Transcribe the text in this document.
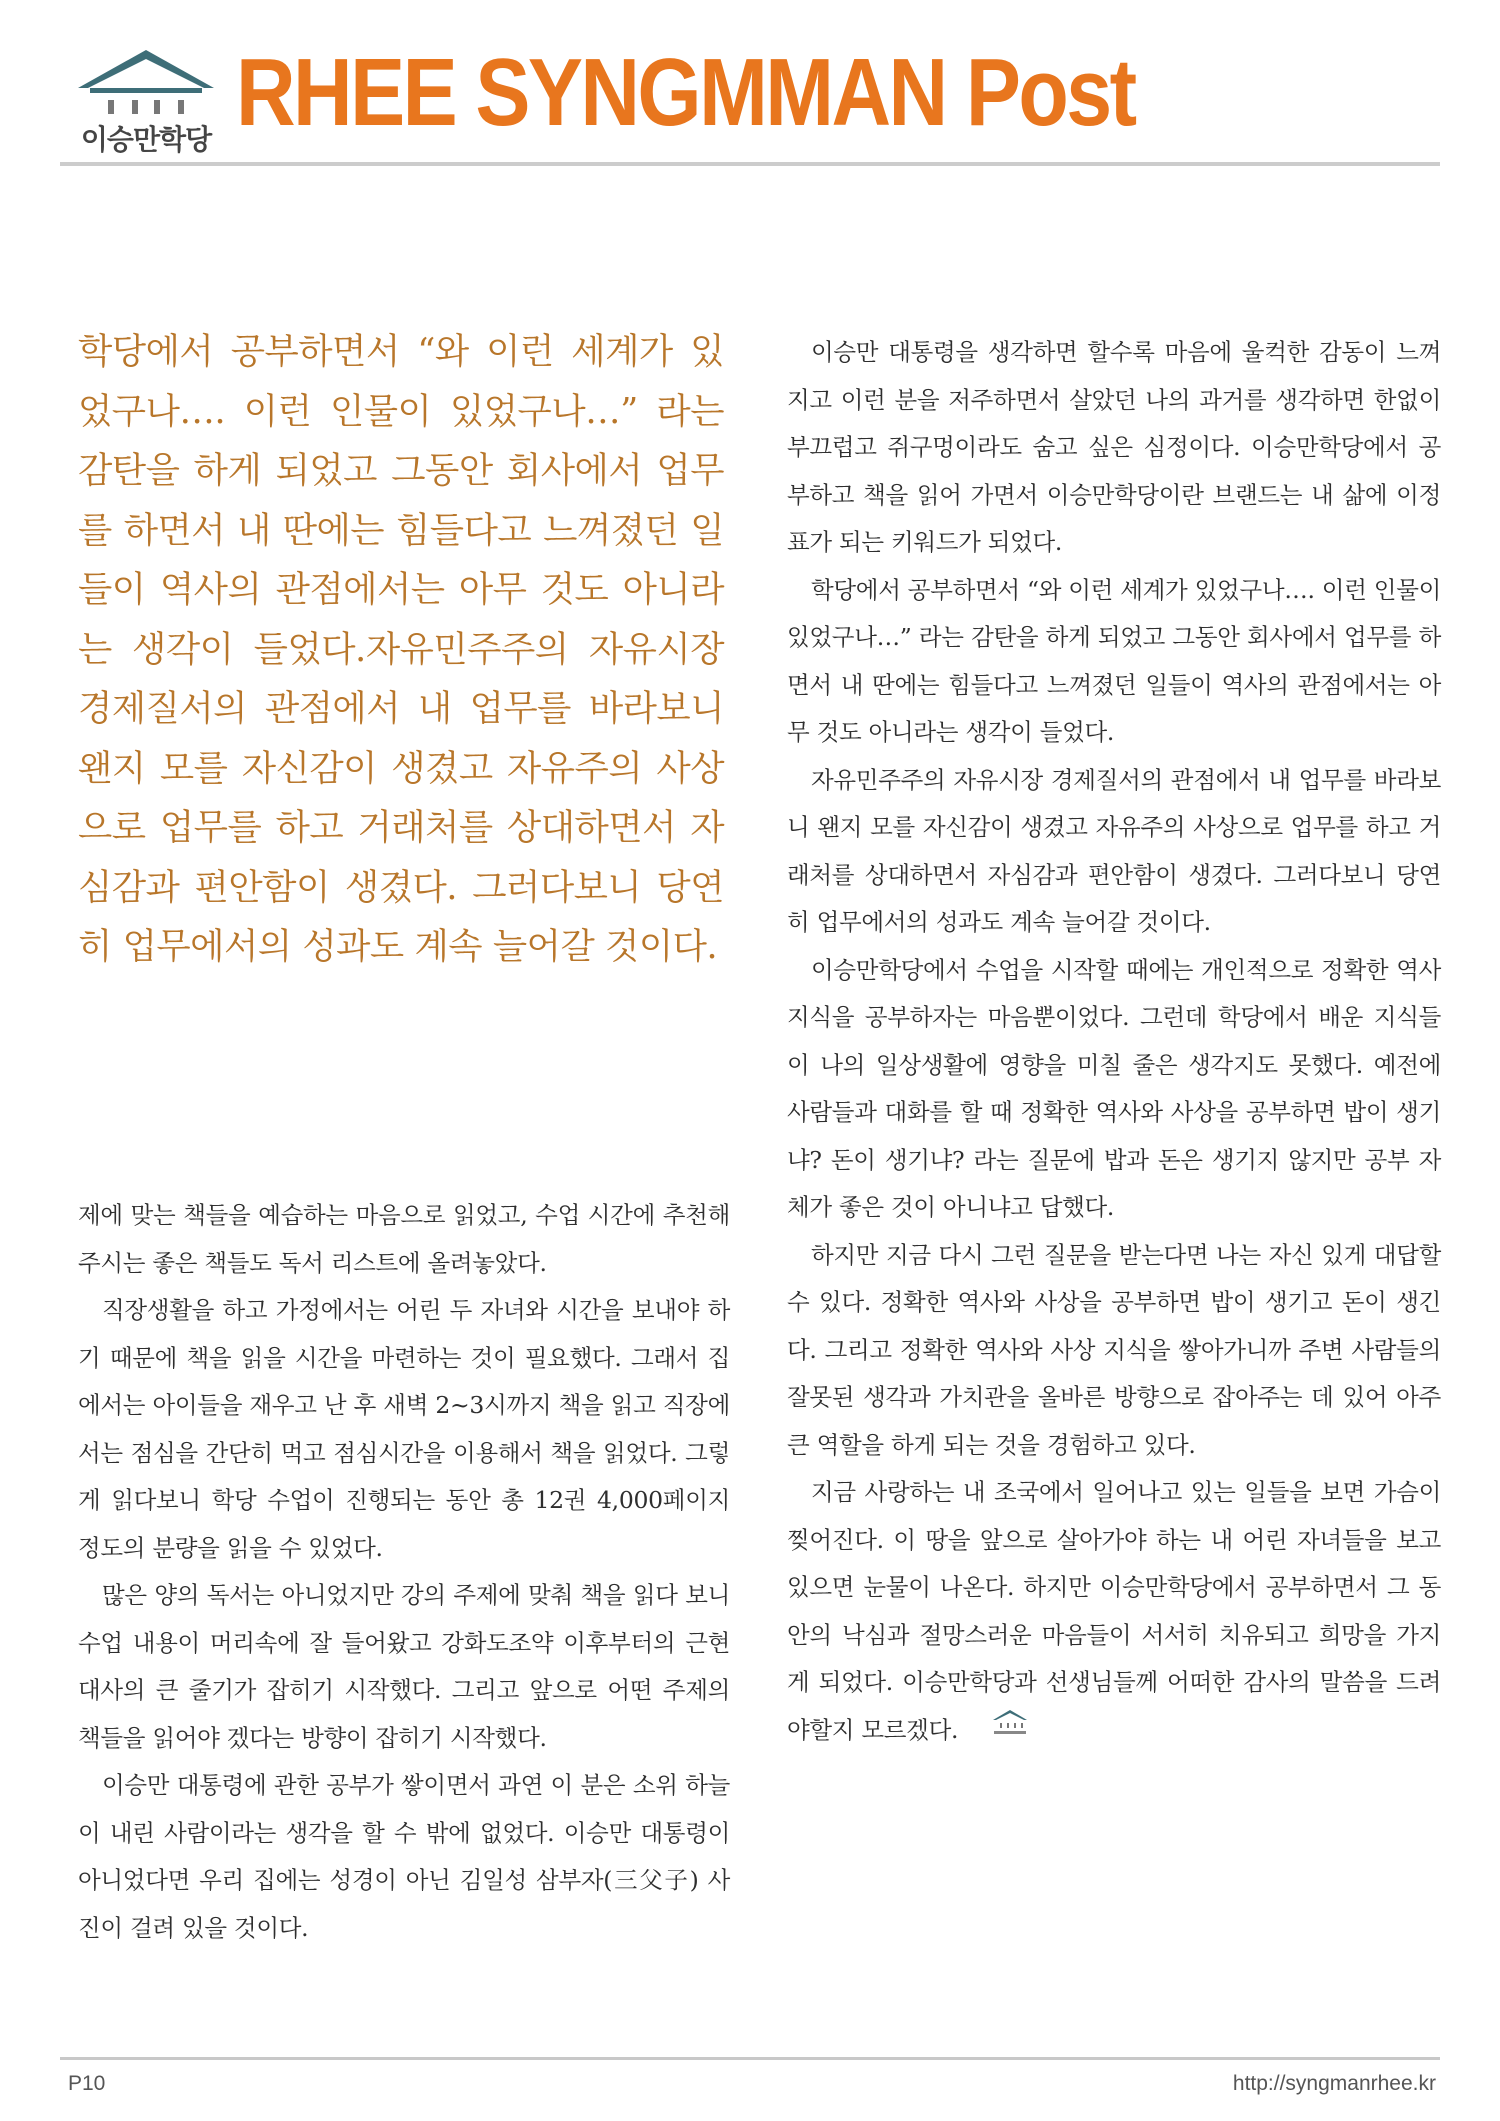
이승만학당 RHEE SYNGMMAN Post

학당에서 공부하면서 “와 이런 세계가 있었구나…. 이런 인물이 있었구나…” 라는 감탄을 하게 되었고 그동안 회사에서 업무를 하면서 내 딴에는 힘들다고 느껴졌던 일들이 역사의 관점에서는 아무 것도 아니라는 생각이 들었다.자유민주주의 자유시장 경제질서의 관점에서 내 업무를 바라보니 왠지 모를 자신감이 생겼고 자유주의 사상으로 업무를 하고 거래처를 상대하면서 자심감과 편안함이 생겼다. 그러다보니 당연히 업무에서의 성과도 계속 늘어갈 것이다.

제에 맞는 책들을 예습하는 마음으로 읽었고, 수업 시간에 추천해 주시는 좋은 책들도 독서 리스트에 올려놓았다.

직장생활을 하고 가정에서는 어린 두 자녀와 시간을 보내야 하기 때문에 책을 읽을 시간을 마련하는 것이 필요했다. 그래서 집에서는 아이들을 재우고 난 후 새벽 2~3시까지 책을 읽고 직장에서는 점심을 간단히 먹고 점심시간을 이용해서 책을 읽었다. 그렇게 읽다보니 학당 수업이 진행되는 동안 총 12권 4,000페이지 정도의 분량을 읽을 수 있었다.

많은 양의 독서는 아니었지만 강의 주제에 맞춰 책을 읽다 보니 수업 내용이 머리속에 잘 들어왔고 강화도조약 이후부터의 근현대사의 큰 줄기가 잡히기 시작했다. 그리고 앞으로 어떤 주제의 책들을 읽어야 겠다는 방향이 잡히기 시작했다.

이승만 대통령에 관한 공부가 쌓이면서 과연 이 분은 소위 하늘이 내린 사람이라는 생각을 할 수 밖에 없었다. 이승만 대통령이 아니었다면 우리 집에는 성경이 아닌 김일성 삼부자(三父子) 사진이 걸려 있을 것이다.

이승만 대통령을 생각하면 할수록 마음에 울컥한 감동이 느껴지고 이런 분을 저주하면서 살았던 나의 과거를 생각하면 한없이 부끄럽고 쥐구멍이라도 숨고 싶은 심정이다. 이승만학당에서 공부하고 책을 읽어 가면서 이승만학당이란 브랜드는 내 삶에 이정표가 되는 키워드가 되었다.

학당에서 공부하면서 “와 이런 세계가 있었구나…. 이런 인물이 있었구나…” 라는 감탄을 하게 되었고 그동안 회사에서 업무를 하면서 내 딴에는 힘들다고 느껴졌던 일들이 역사의 관점에서는 아무 것도 아니라는 생각이 들었다.

자유민주주의 자유시장 경제질서의 관점에서 내 업무를 바라보니 왠지 모를 자신감이 생겼고 자유주의 사상으로 업무를 하고 거래처를 상대하면서 자심감과 편안함이 생겼다. 그러다보니 당연히 업무에서의 성과도 계속 늘어갈 것이다.

이승만학당에서 수업을 시작할 때에는 개인적으로 정확한 역사 지식을 공부하자는 마음뿐이었다. 그런데 학당에서 배운 지식들이 나의 일상생활에 영향을 미칠 줄은 생각지도 못했다. 예전에 사람들과 대화를 할 때 정확한 역사와 사상을 공부하면 밥이 생기냐? 돈이 생기냐? 라는 질문에 밥과 돈은 생기지 않지만 공부 자체가 좋은 것이 아니냐고 답했다.

하지만 지금 다시 그런 질문을 받는다면 나는 자신 있게 대답할 수 있다. 정확한 역사와 사상을 공부하면 밥이 생기고 돈이 생긴다. 그리고 정확한 역사와 사상 지식을 쌓아가니까 주변 사람들의 잘못된 생각과 가치관을 올바른 방향으로 잡아주는 데 있어 아주 큰 역할을 하게 되는 것을 경험하고 있다.

지금 사랑하는 내 조국에서 일어나고 있는 일들을 보면 가슴이 찢어진다. 이 땅을 앞으로 살아가야 하는 내 어린 자녀들을 보고 있으면 눈물이 나온다. 하지만 이승만학당에서 공부하면서 그 동안의 낙심과 절망스러운 마음들이 서서히 치유되고 희망을 가지게 되었다. 이승만학당과 선생님들께 어떠한 감사의 말씀을 드려야할지 모르겠다.

P10	http://syngmanrhee.kr
